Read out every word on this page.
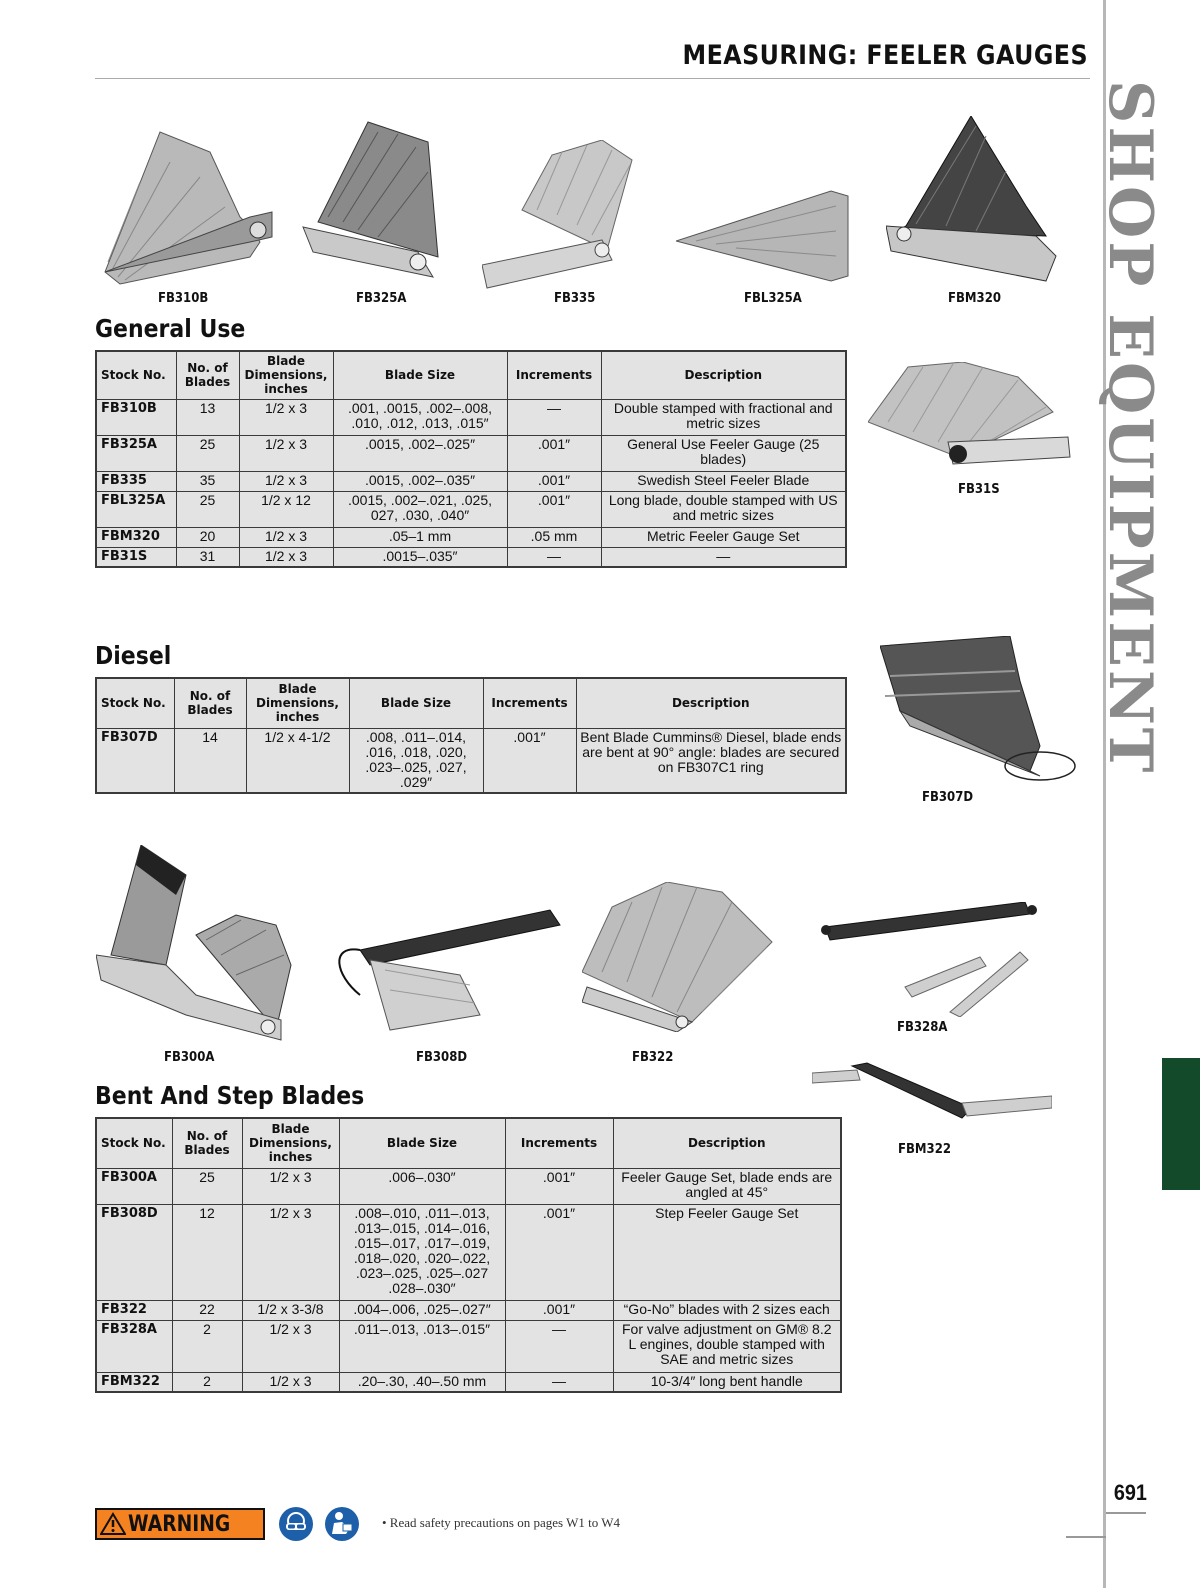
MEASURING: FEELER GAUGES
SHOP EQUIPMENT
691
FB310B	FB325A	FB335	FBL325A	FBM320
FB31S
General Use
Stock No.	No. of Blades	Blade Dimensions, inches	Blade Size	Increments	Description
FB310B	13	1/2 x 3	.001, .0015, .002–.008, .010, .012, .013, .015″	—	Double stamped with fractional and metric sizes
FB325A	25	1/2 x 3	.0015, .002–.025″	.001″	General Use Feeler Gauge (25 blades)
FB335	35	1/2 x 3	.0015, .002–.035″	.001″	Swedish Steel Feeler Blade
FBL325A	25	1/2 x 12	.0015, .002–.021, .025, 027, .030, .040″	.001″	Long blade, double stamped with US and metric sizes
FBM320	20	1/2 x 3	.05–1 mm	.05 mm	Metric Feeler Gauge Set
FB31S	31	1/2 x 3	.0015–.035″	—	—
Diesel
Stock No.	No. of Blades	Blade Dimensions, inches	Blade Size	Increments	Description
FB307D	14	1/2 x 4-1/2	.008, .011–.014, .016, .018, .020, .023–.025, .027, .029″	.001″	Bent Blade Cummins® Diesel, blade ends are bent at 90° angle: blades are secured on FB307C1 ring
FB307D
FB328A
FB300A	FB308D	FB322
FBM322
Bent And Step Blades
Stock No.	No. of Blades	Blade Dimensions, inches	Blade Size	Increments	Description
FB300A	25	1/2 x 3	.006–.030″	.001″	Feeler Gauge Set, blade ends are angled at 45°
FB308D	12	1/2 x 3	.008–.010, .011–.013, .013–.015, .014–.016, .015–.017, .017–.019, .018–.020, .020–.022, .023–.025, .025–.027 .028–.030″	.001″	Step Feeler Gauge Set
FB322	22	1/2 x 3-3/8	.004–.006, .025–.027″	.001″	“Go-No” blades with 2 sizes each
FB328A	2	1/2 x 3	.011–.013, .013–.015″	—	For valve adjustment on GM® 8.2 L engines, double stamped with SAE and metric sizes
FBM322	2	1/2 x 3	.20–.30, .40–.50 mm	—	10-3/4″ long bent handle
WARNING	• Read safety precautions on pages W1 to W4
